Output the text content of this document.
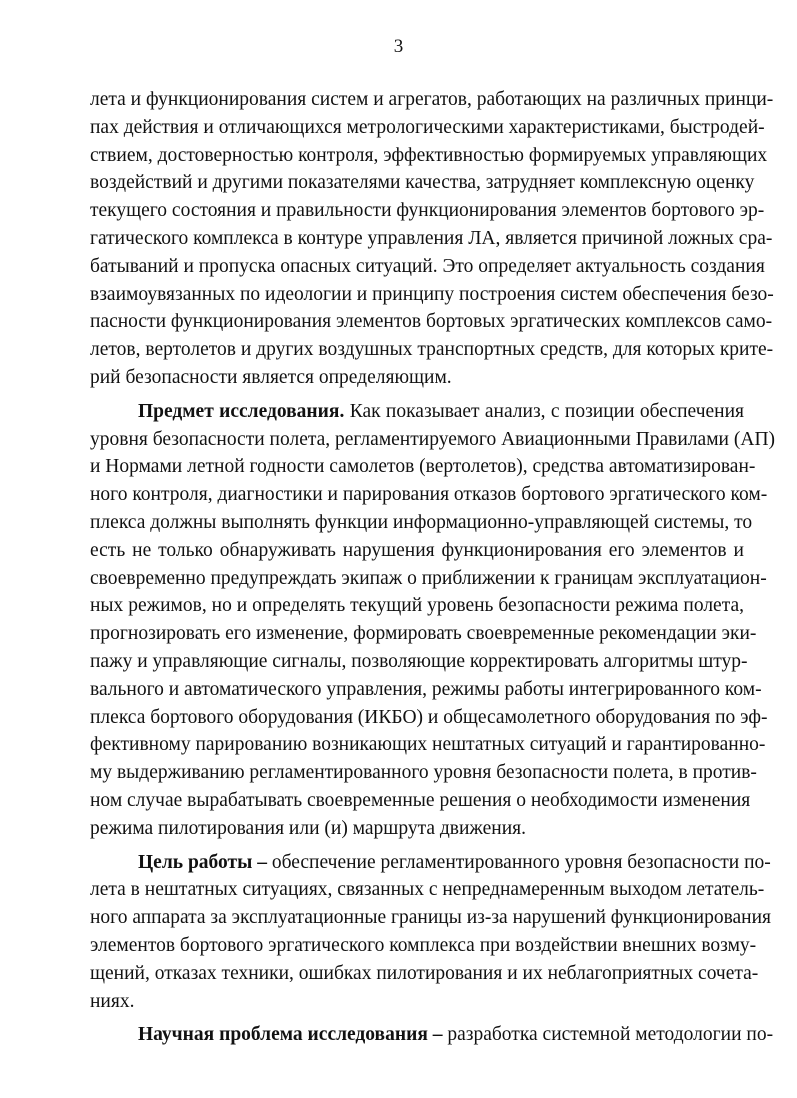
3
лета и функционирования систем и агрегатов, работающих на различных принци-
пах действия и отличающихся метрологическими характеристиками, быстродей-
ствием, достоверностью контроля, эффективностью формируемых управляющих
воздействий и другими показателями качества, затрудняет комплексную оценку
текущего состояния и правильности функционирования элементов бортового эр-
гатического комплекса в контуре управления ЛА, является причиной ложных сра-
батываний и пропуска опасных ситуаций. Это определяет актуальность создания
взаимоувязанных по идеологии и принципу построения систем обеспечения безо-
пасности функционирования элементов бортовых эргатических комплексов само-
летов, вертолетов и других воздушных транспортных средств, для которых крите-
рий безопасности является определяющим.
Предмет исследования. Как показывает анализ, с позиции обеспечения
уровня безопасности полета, регламентируемого Авиационными Правилами (АП)
и Нормами летной годности самолетов (вертолетов), средства автоматизирован-
ного контроля, диагностики и парирования отказов бортового эргатического ком-
плекса должны выполнять функции информационно-управляющей системы, то
есть не только обнаруживать нарушения функционирования его элементов и
своевременно предупреждать экипаж о приближении к границам эксплуатацион-
ных режимов, но и определять текущий уровень безопасности режима полета,
прогнозировать его изменение, формировать своевременные рекомендации эки-
пажу и управляющие сигналы, позволяющие корректировать алгоритмы штур-
вального и автоматического управления, режимы работы интегрированного ком-
плекса бортового оборудования (ИКБО) и общесамолетного оборудования по эф-
фективному парированию возникающих нештатных ситуаций и гарантированно-
му выдерживанию регламентированного уровня безопасности полета, в против-
ном случае вырабатывать своевременные решения о необходимости изменения
режима пилотирования или (и) маршрута движения.
Цель работы – обеспечение регламентированного уровня безопасности по-
лета в нештатных ситуациях, связанных с непреднамеренным выходом летатель-
ного аппарата за эксплуатационные границы из-за нарушений функционирования
элементов бортового эргатического комплекса при воздействии внешних возму-
щений, отказах техники, ошибках пилотирования и их неблагоприятных сочета-
ниях.
Научная проблема исследования – разработка системной методологии по-
